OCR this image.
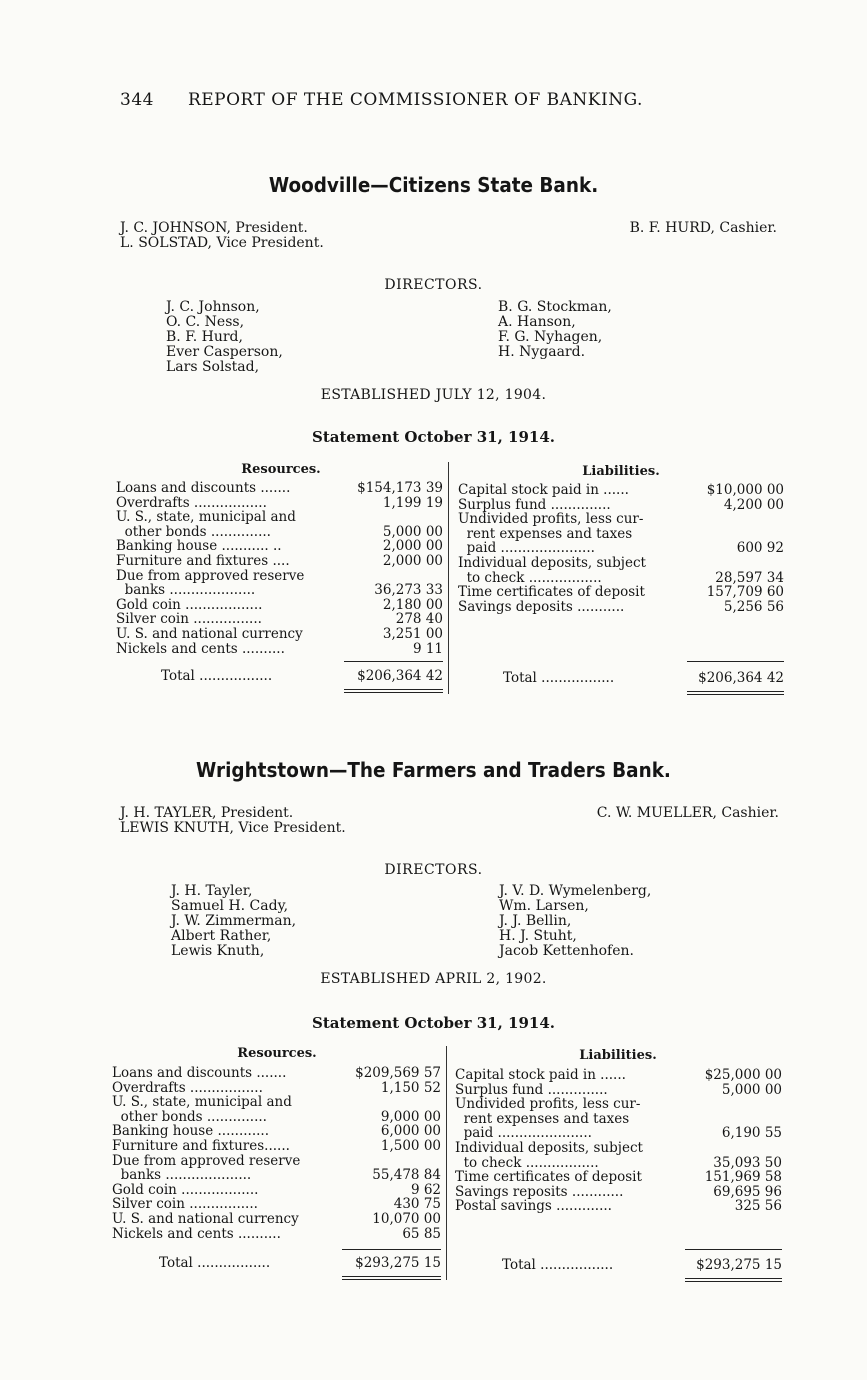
344 REPORT OF THE COMMISSIONER OF BANKING.
Woodville—Citizens State Bank.
J. C. JOHNSON, President.
L. SOLSTAD, Vice President.
B. F. HURD, Cashier.
DIRECTORS.
J. C. Johnson,
O. C. Ness,
B. F. Hurd,
Ever Casperson,
Lars Solstad,
B. G. Stockman,
A. Hanson,
F. G. Nyhagen,
H. Nygaard.
ESTABLISHED JULY 12, 1904.
Statement October 31, 1914.
Resources.	Liabilities.
Loans and discounts .......	$154,173 39
Overdrafts .................	1,199 19
U. S., state, municipal and
other bonds ..............	5,000 00
Banking house ........... ..	2,000 00
Furniture and fixtures ....	2,000 00
Due from approved reserve
banks ....................	36,273 33
Gold coin ..................	2,180 00
Silver coin ................	278 40
U. S. and national currency	3,251 00
Nickels and cents ..........	9 11
Capital stock paid in ......	$10,000 00
Surplus fund ..............	4,200 00
Undivided profits, less cur-
rent expenses and taxes
paid ......................	600 92
Individual deposits, subject
to check .................	28,597 34
Time certificates of deposit	157,709 60
Savings deposits ...........	5,256 56
Total .................	$206,364 42	Total .................	$206,364 42
Wrightstown—The Farmers and Traders Bank.
J. H. TAYLER, President.
LEWIS KNUTH, Vice President.
C. W. MUELLER, Cashier.
DIRECTORS.
J. H. Tayler,
Samuel H. Cady,
J. W. Zimmerman,
Albert Rather,
Lewis Knuth,
J. V. D. Wymelenberg,
Wm. Larsen,
J. J. Bellin,
H. J. Stuht,
Jacob Kettenhofen.
ESTABLISHED APRIL 2, 1902.
Statement October 31, 1914.
Resources.	Liabilities.
Loans and discounts .......	$209,569 57
Overdrafts .................	1,150 52
U. S., state, municipal and
other bonds ..............	9,000 00
Banking house ............	6,000 00
Furniture and fixtures......	1,500 00
Due from approved reserve
banks ....................	55,478 84
Gold coin ..................	9 62
Silver coin ................	430 75
U. S. and national currency	10,070 00
Nickels and cents ..........	65 85
Capital stock paid in ......	$25,000 00
Surplus fund ..............	5,000 00
Undivided profits, less cur-
rent expenses and taxes
paid ......................	6,190 55
Individual deposits, subject
to check .................	35,093 50
Time certificates of deposit	151,969 58
Savings reposits ............	69,695 96
Postal savings .............	325 56
Total .................	$293,275 15	Total .................	$293,275 15
